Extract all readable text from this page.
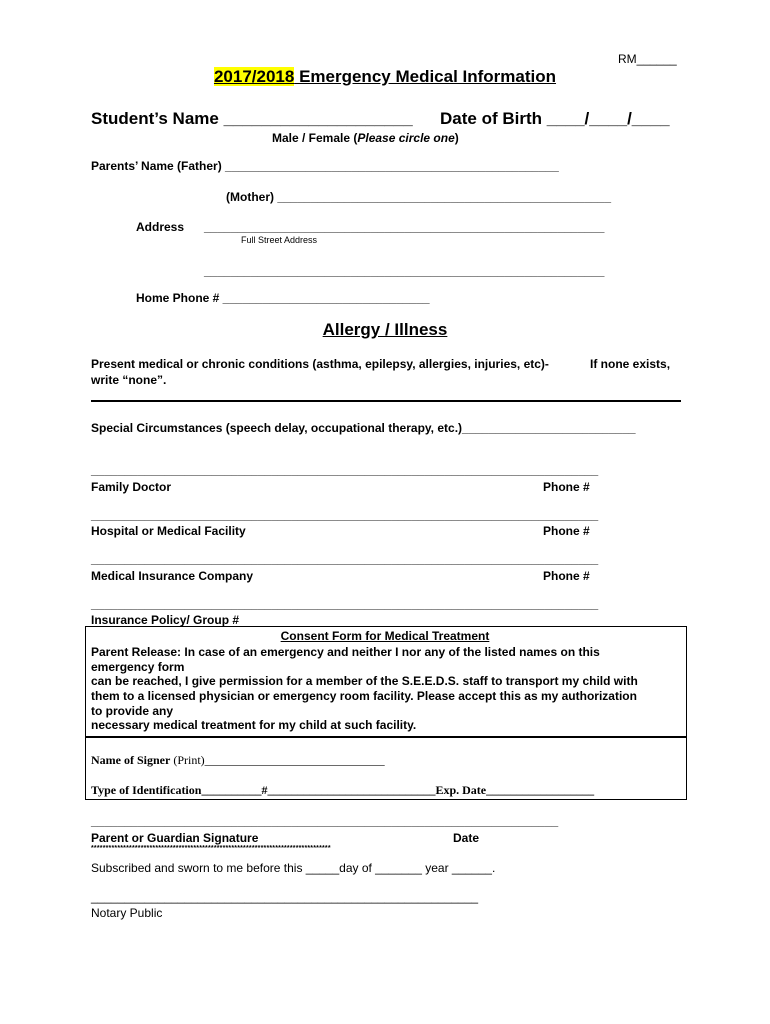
RM______
2017/2018 Emergency Medical Information
Student’s Name ____________________ Date of Birth ____/____/____
Male / Female (Please circle one)
Parents’ Name (Father) __________________________________________________
(Mother) __________________________________________________
Address ____________________________________________________________
Full Street Address
____________________________________________________________
Home Phone # _______________________________
Allergy / Illness
Present medical or chronic conditions (asthma, epilepsy, allergies, injuries, etc)-	If none exists,
write “none”.
Special Circumstances (speech delay, occupational therapy, etc.)__________________________
____________________________________________________________________________
Family Doctor	Phone #
____________________________________________________________________________
Hospital or Medical Facility	Phone #
____________________________________________________________________________
Medical Insurance Company	Phone #
____________________________________________________________________________
Insurance Policy/ Group #
Consent Form for Medical Treatment
Parent Release: In case of an emergency and neither I nor any of the listed names on this
emergency form
can be reached, I give permission for a member of the S.E.E.D.S. staff to transport my child with
them to a licensed physician or emergency room facility. Please accept this as my authorization
to provide any
necessary medical treatment for my child at such facility.
Name of Signer (Print)______________________________
Type of Identification__________#____________________________Exp. Date__________________
______________________________________________________________________
Parent or Guardian Signature	Date
**********************************************************************************
Subscribed and sworn to me before this _____day of _______ year ______.
__________________________________________________________
Notary Public
